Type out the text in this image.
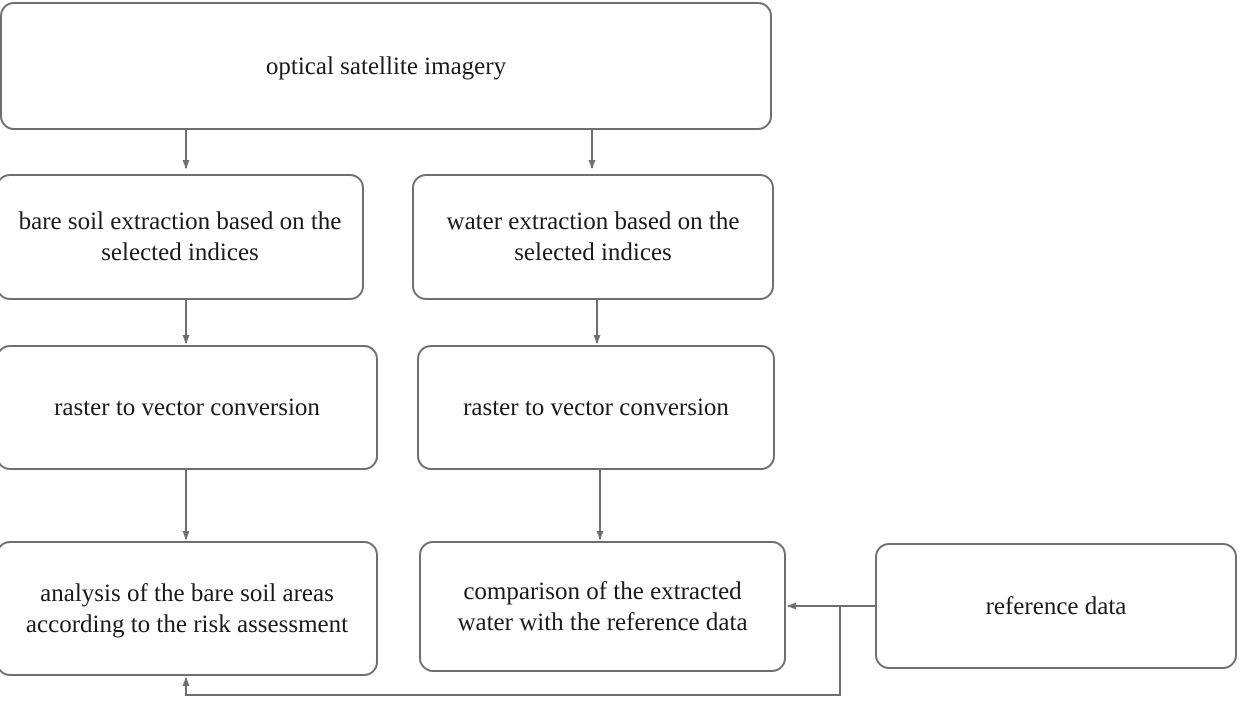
optical satellite imagery
bare soil extraction based on the selected indices
water extraction based on the selected indices
raster to vector conversion	raster to vector conversion
analysis of the bare soil areas according to the risk assessment
comparison of the extracted water with the reference data
reference data
